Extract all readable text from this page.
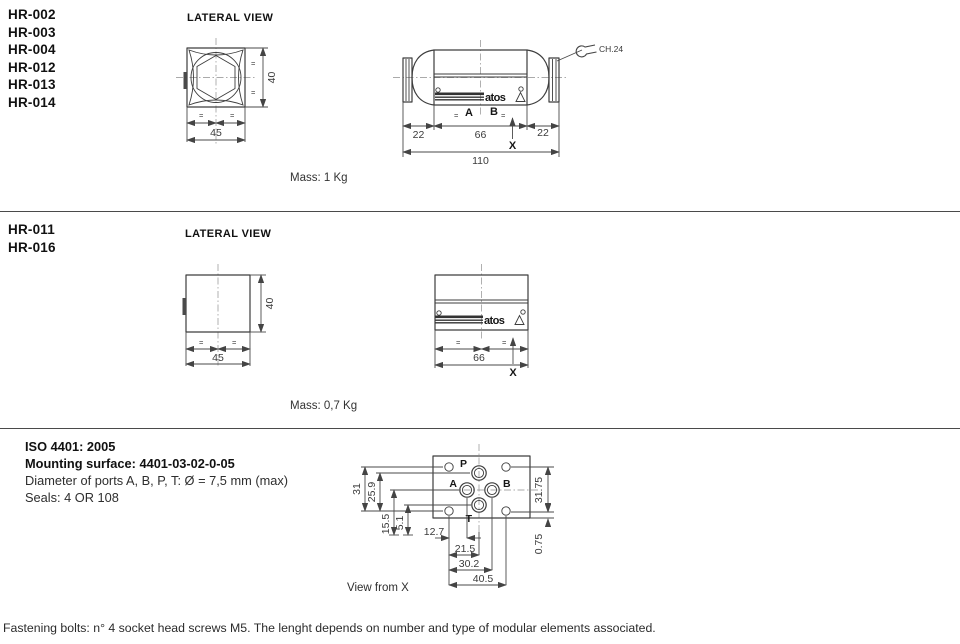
HR-002
HR-003
HR-004
HR-012
HR-013
HR-014
LATERAL VIEW
=
=
40
=	=
45
atos
CH.24
A B
=	=
X
22	66	22
110
Mass: 1 Kg
HR-011
HR-016
LATERAL VIEW
40
=	=
45
atos
=	=
66
X
Mass: 0,7 Kg
ISO 4401: 2005
Mounting surface: 4401-03-02-0-05
Diameter of ports A, B, P, T: Ø = 7,5 mm (max)
Seals: 4 OR 108
P
A	B
T
31 25.9
15.5 5.1
12.7
21.5
30.2
40.5
31.75
0.75
View from X
Fastening bolts: n° 4 socket head screws M5. The lenght depends on number and type of modular elements associated.
